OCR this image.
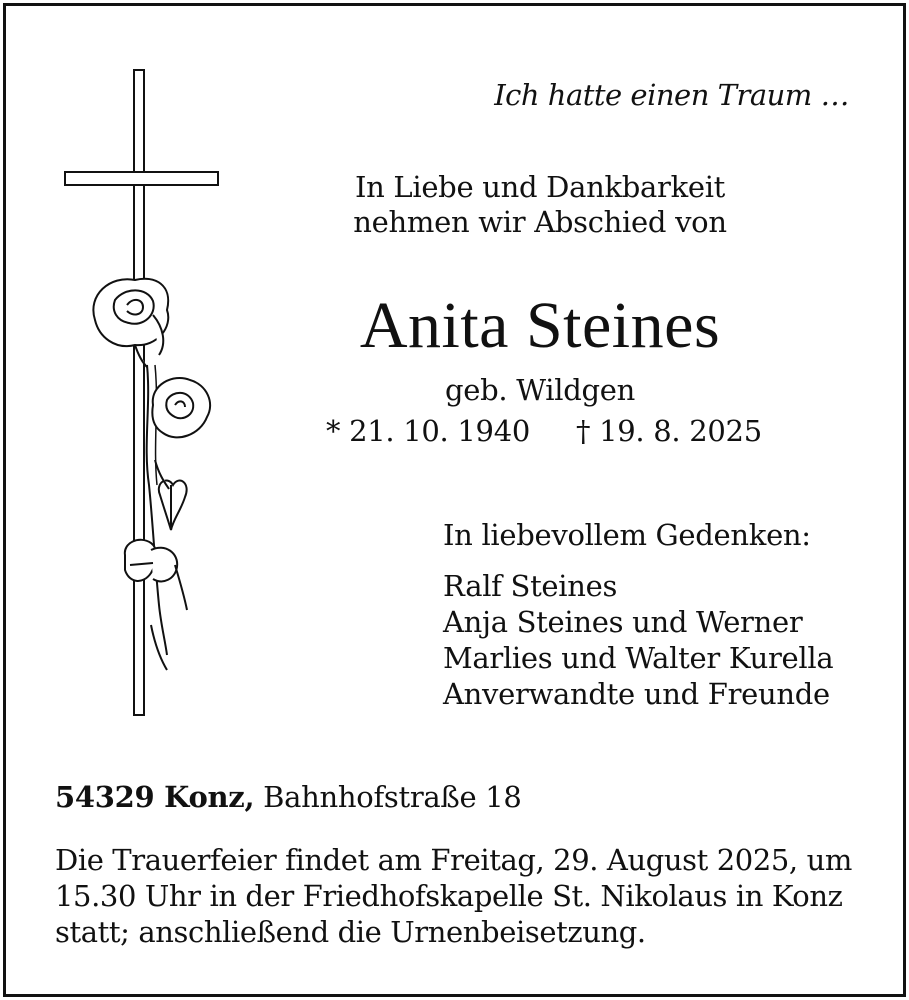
Ich hatte einen Traum …
In Liebe und Dankbarkeit
nehmen wir Abschied von
Anita Steines
geb. Wildgen
* 21. 10. 1940 † 19. 8. 2025
In liebevollem Gedenken:
Ralf Steines
Anja Steines und Werner
Marlies und Walter Kurella
Anverwandte und Freunde
54329 Konz, Bahnhofstraße 18
Die Trauerfeier findet am Freitag, 29. August 2025, um 15.30 Uhr in der Friedhofskapelle St. Nikolaus in Konz statt; anschließend die Urnenbeisetzung.
